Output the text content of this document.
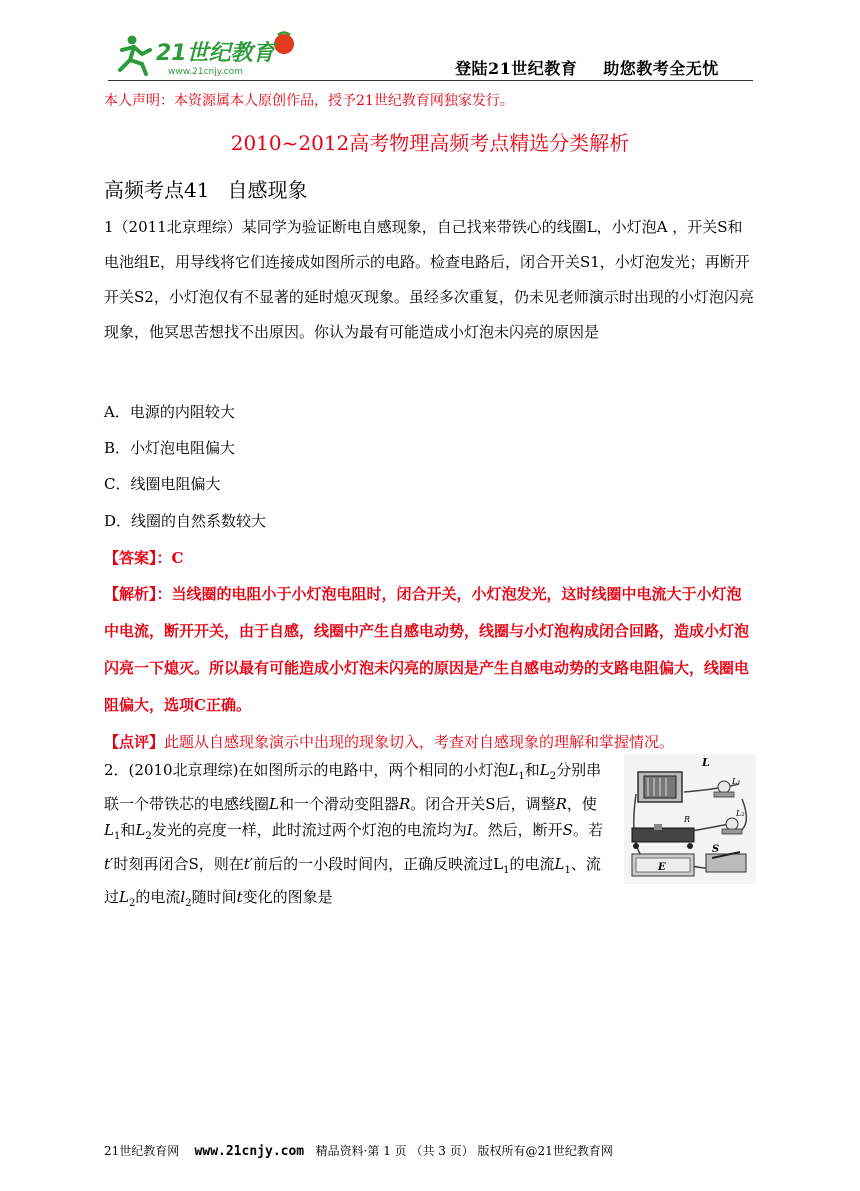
21世纪教育
www.21cnjy.com	登陆21世纪教育 助您教考全无忧
本人声明：本资源属本人原创作品，授予21世纪教育网独家发行。
2010~2012高考物理高频考点精选分类解析
高频考点41 自感现象
1（2011北京理综）某同学为验证断电自感现象，自己找来带铁心的线圈L，小灯泡A ，开关S和电池组E，用导线将它们连接成如图所示的电路。检查电路后，闭合开关S1，小灯泡发光；再断开开关S2，小灯泡仅有不显著的延时熄灭现象。虽经多次重复，仍未见老师演示时出现的小灯泡闪亮现象，他冥思苦想找不出原因。你认为最有可能造成小灯泡未闪亮的原因是
A．电源的内阻较大
B．小灯泡电阻偏大
C．线圈电阻偏大
D．线圈的自然系数较大
【答案】：C
【解析】：当线圈的电阻小于小灯泡电阻时，闭合开关，小灯泡发光，这时线圈中电流大于小灯泡中电流，断开开关，由于自感，线圈中产生自感电动势，线圈与小灯泡构成闭合回路，造成小灯泡闪亮一下熄灭。所以最有可能造成小灯泡未闪亮的原因是产生自感电动势的支路电阻偏大，线圈电阻偏大，选项C正确。
【点评】此题从自感现象演示中出现的现象切入，考查对自感现象的理解和掌握情况。
2．(2010北京理综)在如图所示的电路中，两个相同的小灯泡$L_1$和$L_2$分别串联一个带铁芯的电感线圈L和一个滑动变阻器R。闭合开关S后，调整R，使$L_1$和$L_2$发光的亮度一样，此时流过两个灯泡的电流均为I。然后，断开S。若t′时刻再闭合S，则在t′前后的一小段时间内，正确反映流过$L_1$的电流$L_1$、流过$L_2$的电流$l_2$随时间t变化的图象是
L
L₁
L₂
R
E
S
21世纪教育网 www.21cnjy.com 精品资料·第 1 页 （共 3 页） 版权所有@21世纪教育网
